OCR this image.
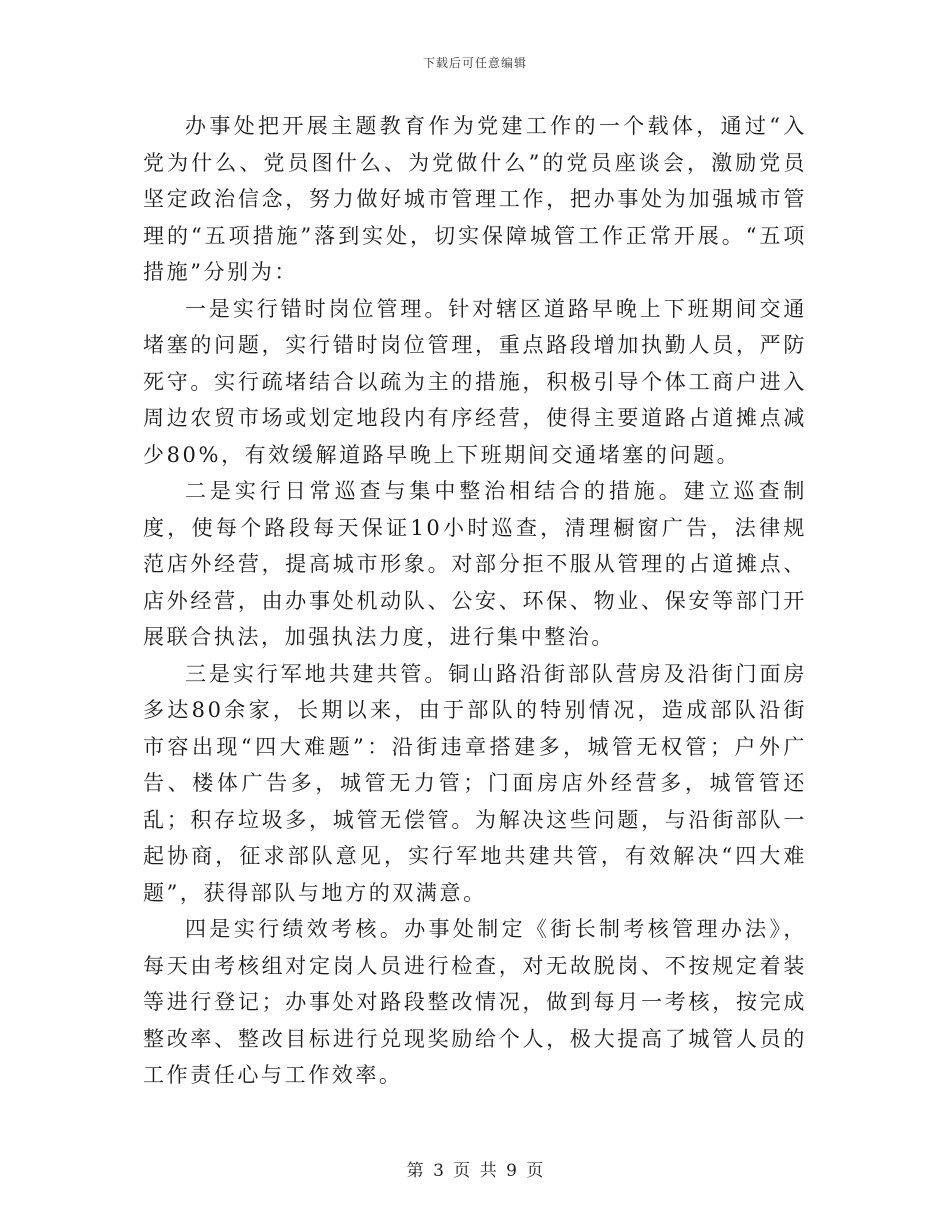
下载后可任意编辑

办事处把开展主题教育作为党建工作的一个载体，通过“入党为什么、党员图什么、为党做什么”的党员座谈会，激励党员坚定政治信念，努力做好城市管理工作，把办事处为加强城市管理的“五项措施”落到实处，切实保障城管工作正常开展。“五项措施”分别为：

一是实行错时岗位管理。针对辖区道路早晚上下班期间交通堵塞的问题，实行错时岗位管理，重点路段增加执勤人员，严防死守。实行疏堵结合以疏为主的措施，积极引导个体工商户进入周边农贸市场或划定地段内有序经营，使得主要道路占道摊点减少80%，有效缓解道路早晚上下班期间交通堵塞的问题。

二是实行日常巡查与集中整治相结合的措施。建立巡查制度，使每个路段每天保证10小时巡查，清理橱窗广告，法律规范店外经营，提高城市形象。对部分拒不服从管理的占道摊点、店外经营，由办事处机动队、公安、环保、物业、保安等部门开展联合执法，加强执法力度，进行集中整治。

三是实行军地共建共管。铜山路沿街部队营房及沿街门面房多达80余家，长期以来，由于部队的特别情况，造成部队沿街市容出现“四大难题”：沿街违章搭建多，城管无权管；户外广告、楼体广告多，城管无力管；门面房店外经营多，城管管还乱；积存垃圾多，城管无偿管。为解决这些问题，与沿街部队一起协商，征求部队意见，实行军地共建共管，有效解决“四大难题”，获得部队与地方的双满意。

四是实行绩效考核。办事处制定《街长制考核管理办法》，每天由考核组对定岗人员进行检查，对无故脱岗、不按规定着装等进行登记；办事处对路段整改情况，做到每月一考核，按完成整改率、整改目标进行兑现奖励给个人，极大提高了城管人员的工作责任心与工作效率。

第 3 页 共 9 页
